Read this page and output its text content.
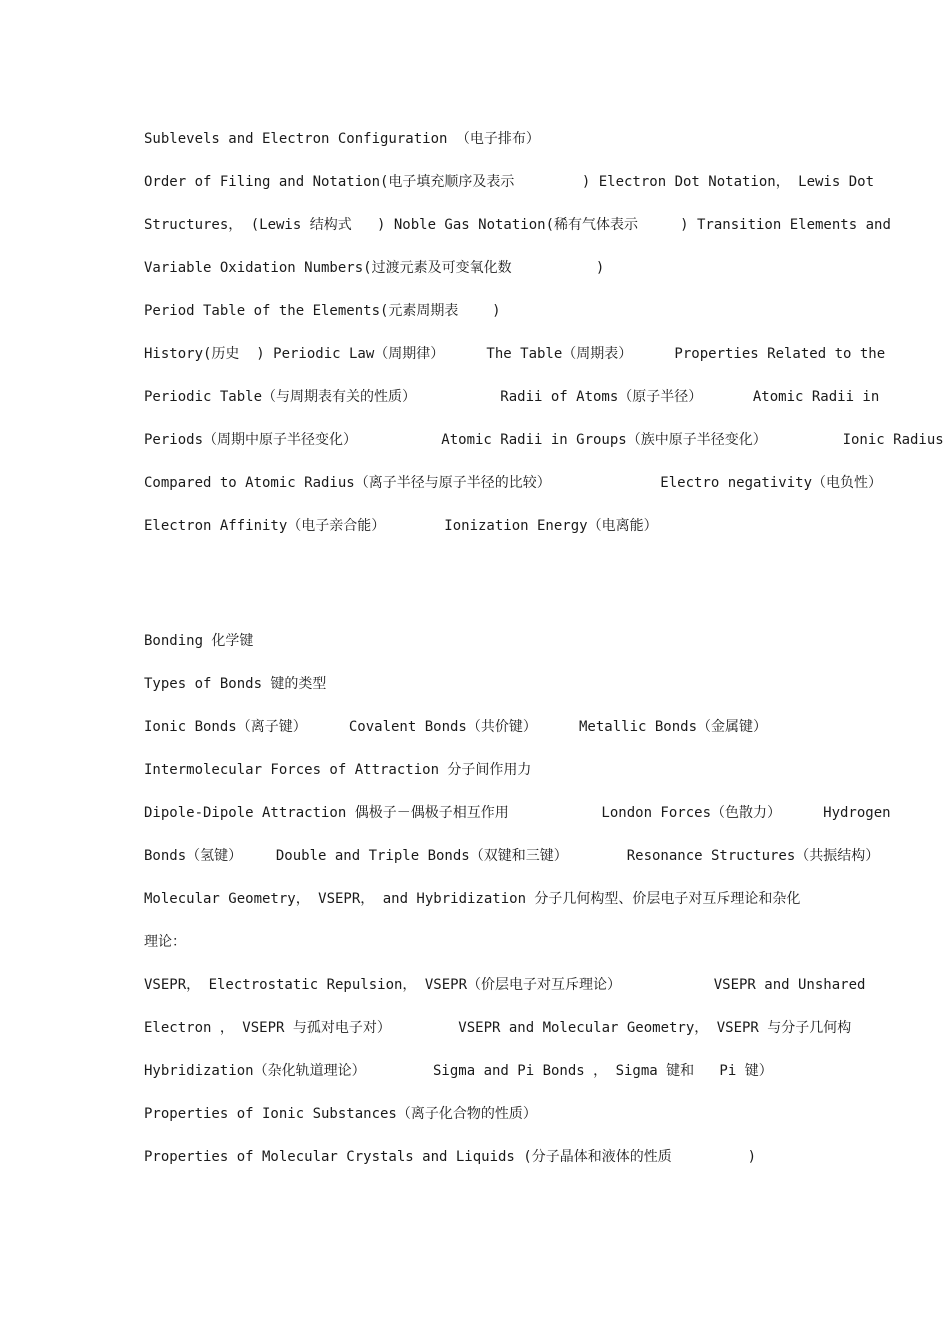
Sublevels and Electron Configuration （电子排布）
Order of Filing and Notation(电子填充顺序及表示        ) Electron Dot Notation， Lewis Dot
Structures， (Lewis 结构式   ) Noble Gas Notation(稀有气体表示     ) Transition Elements and
Variable Oxidation Numbers(过渡元素及可变氧化数          )
Period Table of the Elements(元素周期表    )
History(历史  ) Periodic Law（周期律）     The Table（周期表）     Properties Related to the
Periodic Table（与周期表有关的性质）          Radii of Atoms（原子半径）      Atomic Radii in
Periods（周期中原子半径变化）          Atomic Radii in Groups（族中原子半径变化）         Ionic Radius
Compared to Atomic Radius（离子半径与原子半径的比较）             Electro negativity（电负性）
Electron Affinity（电子亲合能）       Ionization Energy（电离能）
Bonding 化学键
Types of Bonds 键的类型
Ionic Bonds（离子键）     Covalent Bonds（共价键）     Metallic Bonds（金属键）
Intermolecular Forces of Attraction 分子间作用力
Dipole-Dipole Attraction 偶极子－偶极子相互作用           London Forces（色散力）     Hydrogen
Bonds（氢键）    Double and Triple Bonds（双键和三键）       Resonance Structures（共振结构）
Molecular Geometry， VSEPR， and Hybridization 分子几何构型、价层电子对互斥理论和杂化
理论：
VSEPR， Electrostatic Repulsion， VSEPR（价层电子对互斥理论）           VSEPR and Unshared
Electron ， VSEPR 与孤对电子对）        VSEPR and Molecular Geometry， VSEPR 与分子几何构
Hybridization（杂化轨道理论）        Sigma and Pi Bonds ， Sigma 键和   Pi 键）
Properties of Ionic Substances（离子化合物的性质）
Properties of Molecular Crystals and Liquids (分子晶体和液体的性质         )
